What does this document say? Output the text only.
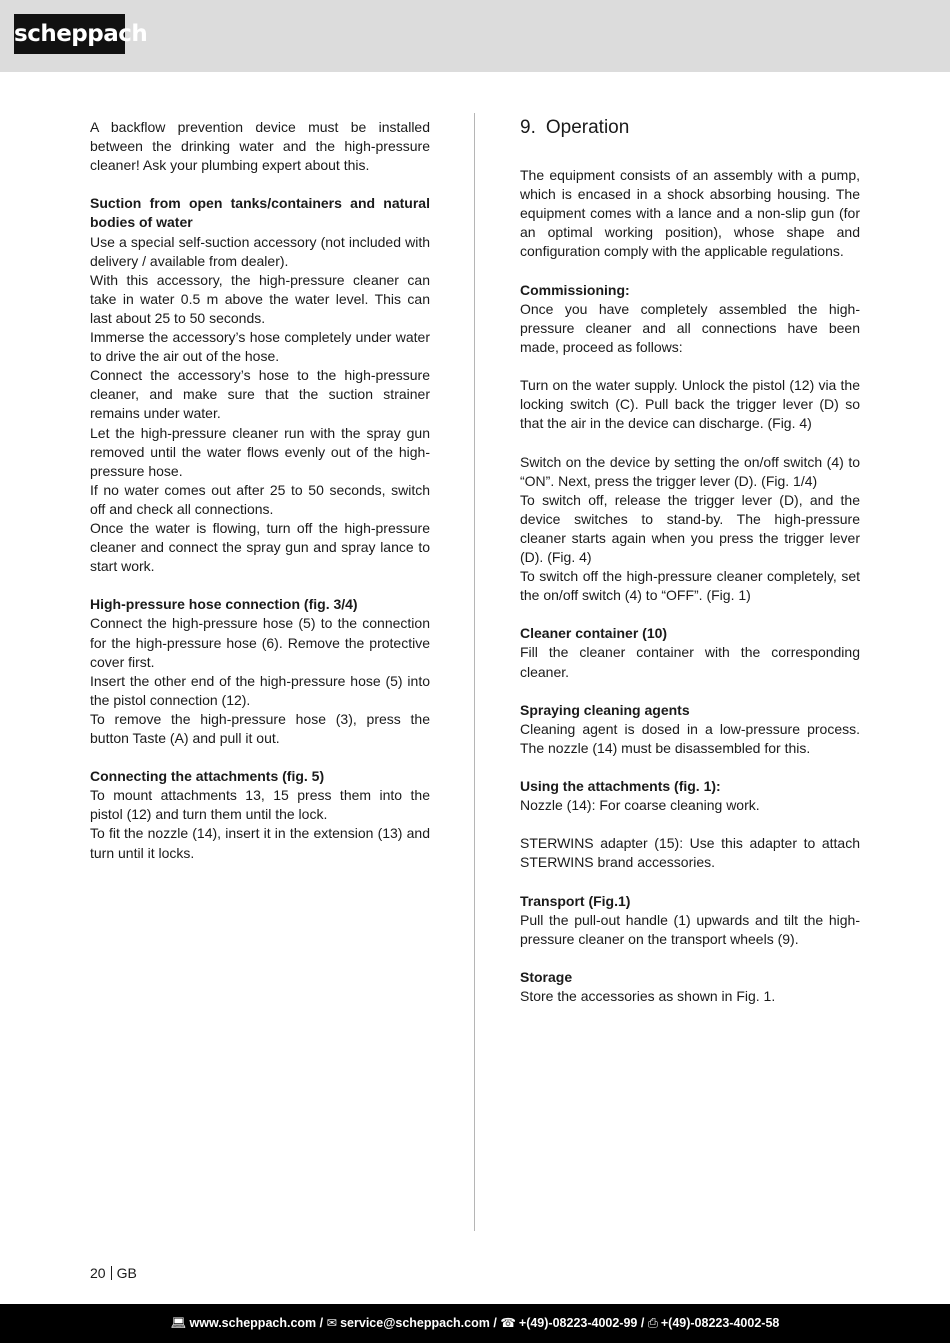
scheppach

A backflow prevention device must be installed between the drinking water and the high-pressure cleaner! Ask your plumbing expert about this.

Suction from open tanks/containers and natural bodies of water

Use a special self-suction accessory (not included with delivery / available from dealer).

With this accessory, the high-pressure cleaner can take in water 0.5 m above the water level. This can last about 25 to 50 seconds.

Immerse the accessory’s hose completely under water to drive the air out of the hose.

Connect the accessory’s hose to the high-pressure cleaner, and make sure that the suction strainer remains under water.

Let the high-pressure cleaner run with the spray gun removed until the water flows evenly out of the high-pressure hose.

If no water comes out after 25 to 50 seconds, switch off and check all connections.

Once the water is flowing, turn off the high-pressure cleaner and connect the spray gun and spray lance to start work.

High-pressure hose connection (fig. 3/4)

Connect the high-pressure hose (5) to the connection for the high-pressure hose (6). Remove the protective cover first.

Insert the other end of the high-pressure hose (5) into the pistol connection (12).

To remove the high-pressure hose (3), press the button Taste (A) and pull it out.

Connecting the attachments (fig. 5)

To mount attachments 13, 15 press them into the pistol (12) and turn them until the lock.

To fit the nozzle (14), insert it in the extension (13) and turn until it locks.

9. Operation

The equipment consists of an assembly with a pump, which is encased in a shock absorbing housing. The equipment comes with a lance and a non-slip gun (for an optimal working position), whose shape and configuration comply with the applicable regulations.

Commissioning:

Once you have completely assembled the high-pressure cleaner and all connections have been made, proceed as follows:

Turn on the water supply. Unlock the pistol (12) via the locking switch (C). Pull back the trigger lever (D) so that the air in the device can discharge. (Fig. 4)

Switch on the device by setting the on/off switch (4) to “ON”. Next, press the trigger lever (D). (Fig. 1/4)

To switch off, release the trigger lever (D), and the device switches to stand-by. The high-pressure cleaner starts again when you press the trigger lever (D). (Fig. 4)

To switch off the high-pressure cleaner completely, set the on/off switch (4) to “OFF”. (Fig. 1)

Cleaner container (10)

Fill the cleaner container with the corresponding cleaner.

Spraying cleaning agents

Cleaning agent is dosed in a low-pressure process. The nozzle (14) must be disassembled for this.

Using the attachments (fig. 1):

Nozzle (14): For coarse cleaning work.

STERWINS adapter (15): Use this adapter to attach STERWINS brand accessories.

Transport (Fig.1)

Pull the pull-out handle (1) upwards and tilt the high-pressure cleaner on the transport wheels (9).

Storage

Store the accessories as shown in Fig. 1.

20 GB
💻︎ www.scheppach.com / ✉︎ service@scheppach.com / ☎︎ +(49)-08223-4002-99 / ⎙ +(49)-08223-4002-58
